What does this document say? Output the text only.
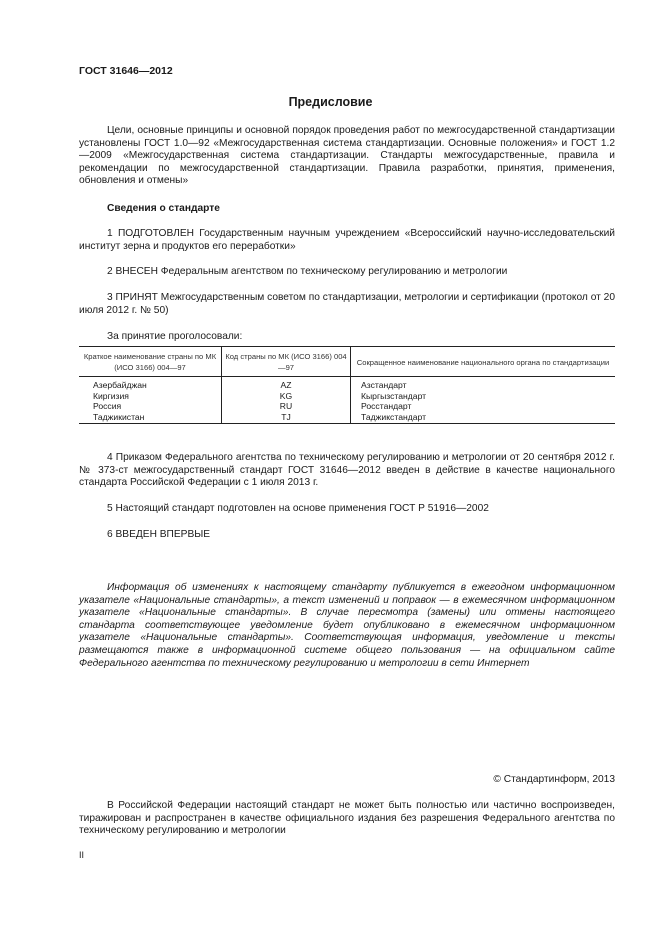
ГОСТ 31646—2012
Предисловие
Цели, основные принципы и основной порядок проведения работ по межгосударственной стандартизации установлены ГОСТ 1.0—92 «Межгосударственная система стандартизации. Основные положения» и ГОСТ 1.2—2009 «Межгосударственная система стандартизации. Стандарты межгосударственные, правила и рекомендации по межгосударственной стандартизации. Правила разработки, принятия, применения, обновления и отмены»
Сведения о стандарте
1 ПОДГОТОВЛЕН Государственным научным учреждением «Всероссийский научно-исследовательский институт зерна и продуктов его переработки»
2 ВНЕСЕН Федеральным агентством по техническому регулированию и метрологии
3 ПРИНЯТ Межгосударственным советом по стандартизации, метрологии и сертификации (протокол от 20 июля 2012 г. № 50)
За принятие проголосовали:
Краткое наименование страны по МК (ИСО 3166) 004—97	Код страны по МК (ИСО 3166) 004—97	Сокращенное наименование национального органа по стандартизации
Азербайджан	AZ	Азстандарт
Киргизия	KG	Кыргызстандарт
Россия	RU	Росстандарт
Таджикистан	TJ	Таджикстандарт
4 Приказом Федерального агентства по техническому регулированию и метрологии от 20 сентября 2012 г. № 373-ст межгосударственный стандарт ГОСТ 31646—2012 введен в действие в качестве национального стандарта Российской Федерации с 1 июля 2013 г.
5 Настоящий стандарт подготовлен на основе применения ГОСТ Р 51916—2002
6 ВВЕДЕН ВПЕРВЫЕ
Информация об изменениях к настоящему стандарту публикуется в ежегодном информационном указателе «Национальные стандарты», а текст изменений и поправок — в ежемесячном информационном указателе «Национальные стандарты». В случае пересмотра (замены) или отмены настоящего стандарта соответствующее уведомление будет опубликовано в ежемесячном информационном указателе «Национальные стандарты». Соответствующая информация, уведомление и тексты размещаются также в информационной системе общего пользования — на официальном сайте Федерального агентства по техническому регулированию и метрологии в сети Интернет
© Стандартинформ, 2013
В Российской Федерации настоящий стандарт не может быть полностью или частично воспроизведен, тиражирован и распространен в качестве официального издания без разрешения Федерального агентства по техническому регулированию и метрологии
II
